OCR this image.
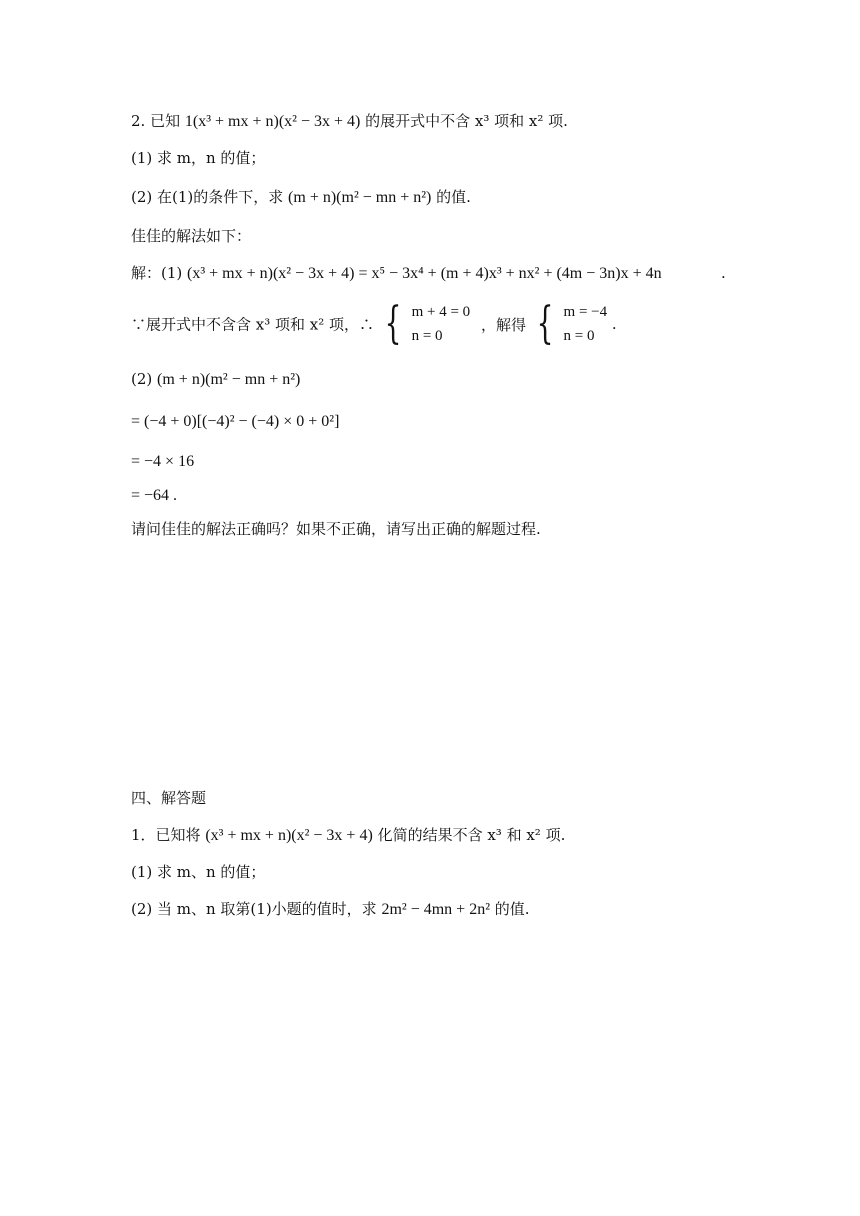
2. 已知 1(x³ + mx + n)(x² − 3x + 4) 的展开式中不含 x³ 项和 x² 项.
(1) 求 m，n 的值；
(2) 在(1)的条件下，求 (m + n)(m² − mn + n²) 的值.
佳佳的解法如下：
解：(1) (x³ + mx + n)(x² − 3x + 4) = x⁵ − 3x⁴ + (m + 4)x³ + nx² + (4m − 3n)x + 4n	.
∵展开式中不含含 x³ 项和 x² 项，∴ { m + 4 = 0
n = 0
，解得 { m = −4
n = 0
.
(2) (m + n)(m² − mn + n²)
= (−4 + 0)[(−4)² − (−4) × 0 + 0²]
= −4 × 16
= −64 .
请问佳佳的解法正确吗？如果不正确，请写出正确的解题过程.
四、解答题
1．已知将 (x³ + mx + n)(x² − 3x + 4) 化简的结果不含 x³ 和 x² 项.
(1) 求 m、n 的值；
(2) 当 m、n 取第(1)小题的值时，求 2m² − 4mn + 2n² 的值.
